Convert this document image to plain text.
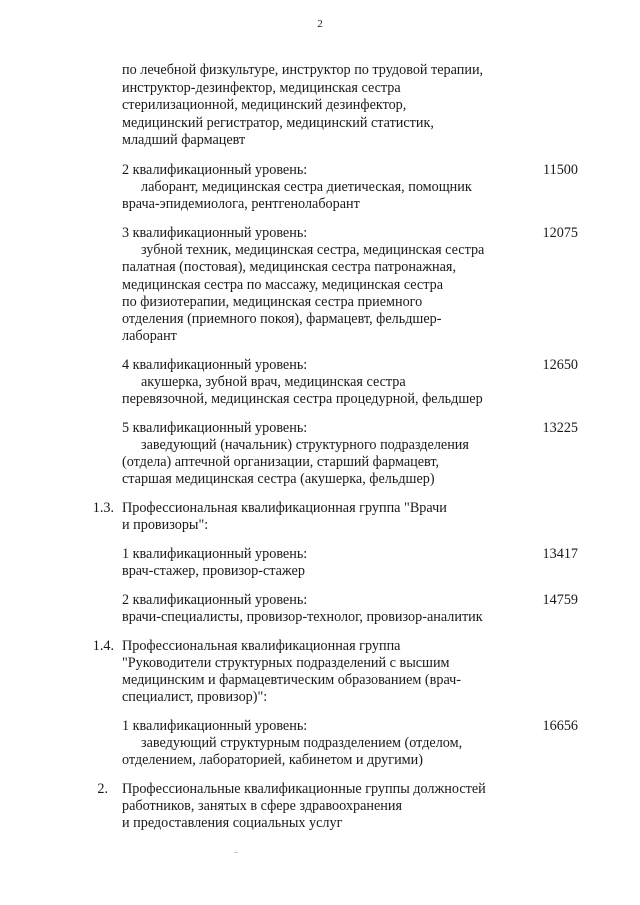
2
по лечебной физкультуре, инструктор по трудовой терапии,
инструктор-дезинфектор, медицинская сестра
стерилизационной, медицинский дезинфектор,
медицинский регистратор, медицинский статистик,
младший фармацевт
2 квалификационный уровень:	11500
лаборант, медицинская сестра диетическая, помощник
врача-эпидемиолога, рентгенолаборант
3 квалификационный уровень:	12075
зубной техник, медицинская сестра, медицинская сестра
палатная (постовая), медицинская сестра патронажная,
медицинская сестра по массажу, медицинская сестра
по физиотерапии, медицинская сестра приемного
отделения (приемного покоя), фармацевт, фельдшер-
лаборант
4 квалификационный уровень:	12650
акушерка, зубной врач, медицинская сестра
перевязочной, медицинская сестра процедурной, фельдшер
5 квалификационный уровень:	13225
заведующий (начальник) структурного подразделения
(отдела) аптечной организации, старший фармацевт,
старшая медицинская сестра (акушерка, фельдшер)
1.3. Профессиональная квалификационная группа "Врачи
и провизоры":
1 квалификационный уровень:	13417
врач-стажер, провизор-стажер
2 квалификационный уровень:	14759
врачи-специалисты, провизор-технолог, провизор-аналитик
1.4. Профессиональная квалификационная группа
"Руководители структурных подразделений с высшим
медицинским и фармацевтическим образованием (врач-
специалист, провизор)":
1 квалификационный уровень:	16656
заведующий структурным подразделением (отделом,
отделением, лабораторией, кабинетом и другими)
2. Профессиональные квалификационные группы должностей
работников, занятых в сфере здравоохранения
и предоставления социальных услуг
